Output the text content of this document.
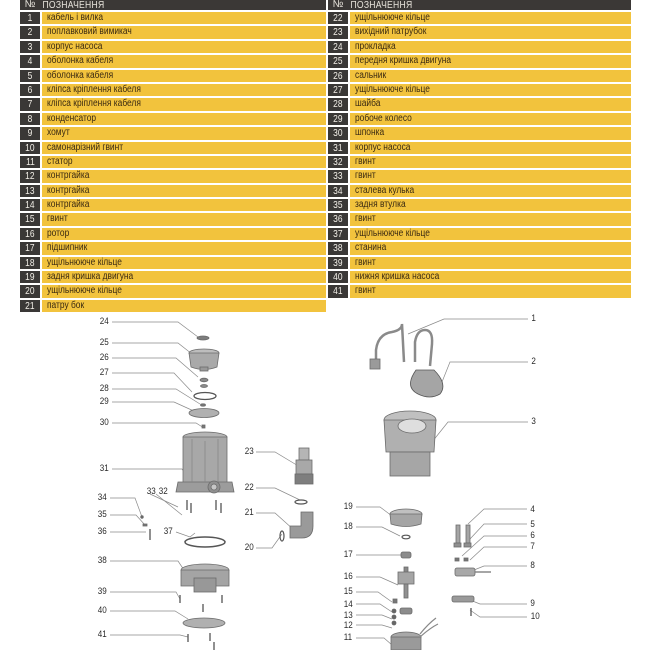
№ ПОЗНАЧЕННЯ
1	кабель і вилка
2	поплавковий вимикач
3	корпус насоса
4	оболонка кабеля
5	оболонка кабеля
6	кліпса кріплення кабеля
7	кліпса кріплення кабеля
8	конденсатор
9	хомут
10	самонарізний гвинт
11	статор
12	контргайка
13	контргайка
14	контргайка
15	гвинт
16	ротор
17	підшипник
18	ущільнююче кільце
19	задня кришка двигуна
20	ущільнююче кільце
21	патру бок
№ ПОЗНАЧЕННЯ
22	ущільнююче кільце
23	вихідний патрубок
24	прокладка
25	передня кришка двигуна
26	сальник
27	ущільнююче кільце
28	шайба
29	робоче колесо
30	шпонка
31	корпус насоса
32	гвинт
33	гвинт
34	сталева кулька
35	задня втулка
36	гвинт
37	ущільнююче кільце
38	станина
39	гвинт
40	нижня кришка насоса
41	гвинт
24
25
26
27
28
29
30
31
23
22
21
20
34
33 32
35
36	37
38
39
40
41
1
2
3
19
18
17
16
15
14
13
12
11
4
5
6
7
8
9
10
